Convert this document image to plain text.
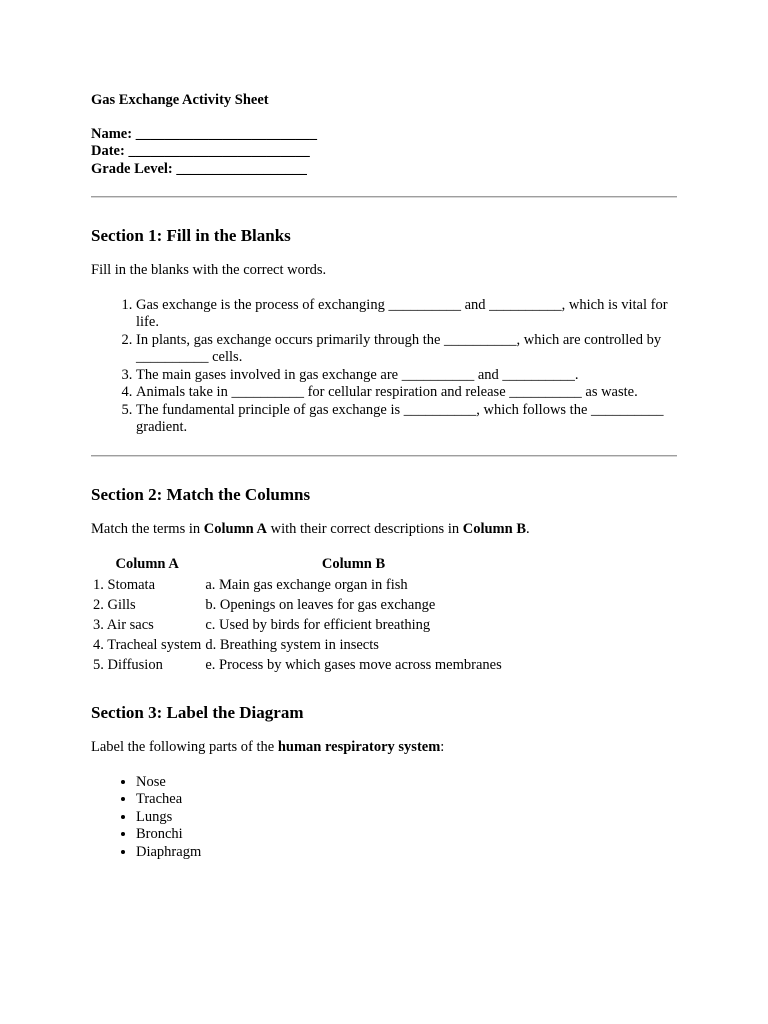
Gas Exchange Activity Sheet
Name: _________________________
Date: _________________________
Grade Level: __________________
Section 1: Fill in the Blanks

Fill in the blanks with the correct words.

1. Gas exchange is the process of exchanging __________ and __________, which is vital for life.
2. In plants, gas exchange occurs primarily through the __________, which are controlled by __________ cells.
3. The main gases involved in gas exchange are __________ and __________.
4. Animals take in __________ for cellular respiration and release __________ as waste.
5. The fundamental principle of gas exchange is __________, which follows the __________ gradient.
Section 2: Match the Columns

Match the terms in Column A with their correct descriptions in Column B.

Column A	Column B
1. Stomata	a. Main gas exchange organ in fish
2. Gills	b. Openings on leaves for gas exchange
3. Air sacs	c. Used by birds for efficient breathing
4. Tracheal system	d. Breathing system in insects
5. Diffusion	e. Process by which gases move across membranes
Section 3: Label the Diagram

Label the following parts of the human respiratory system:

• Nose
• Trachea
• Lungs
• Bronchi
• Diaphragm
